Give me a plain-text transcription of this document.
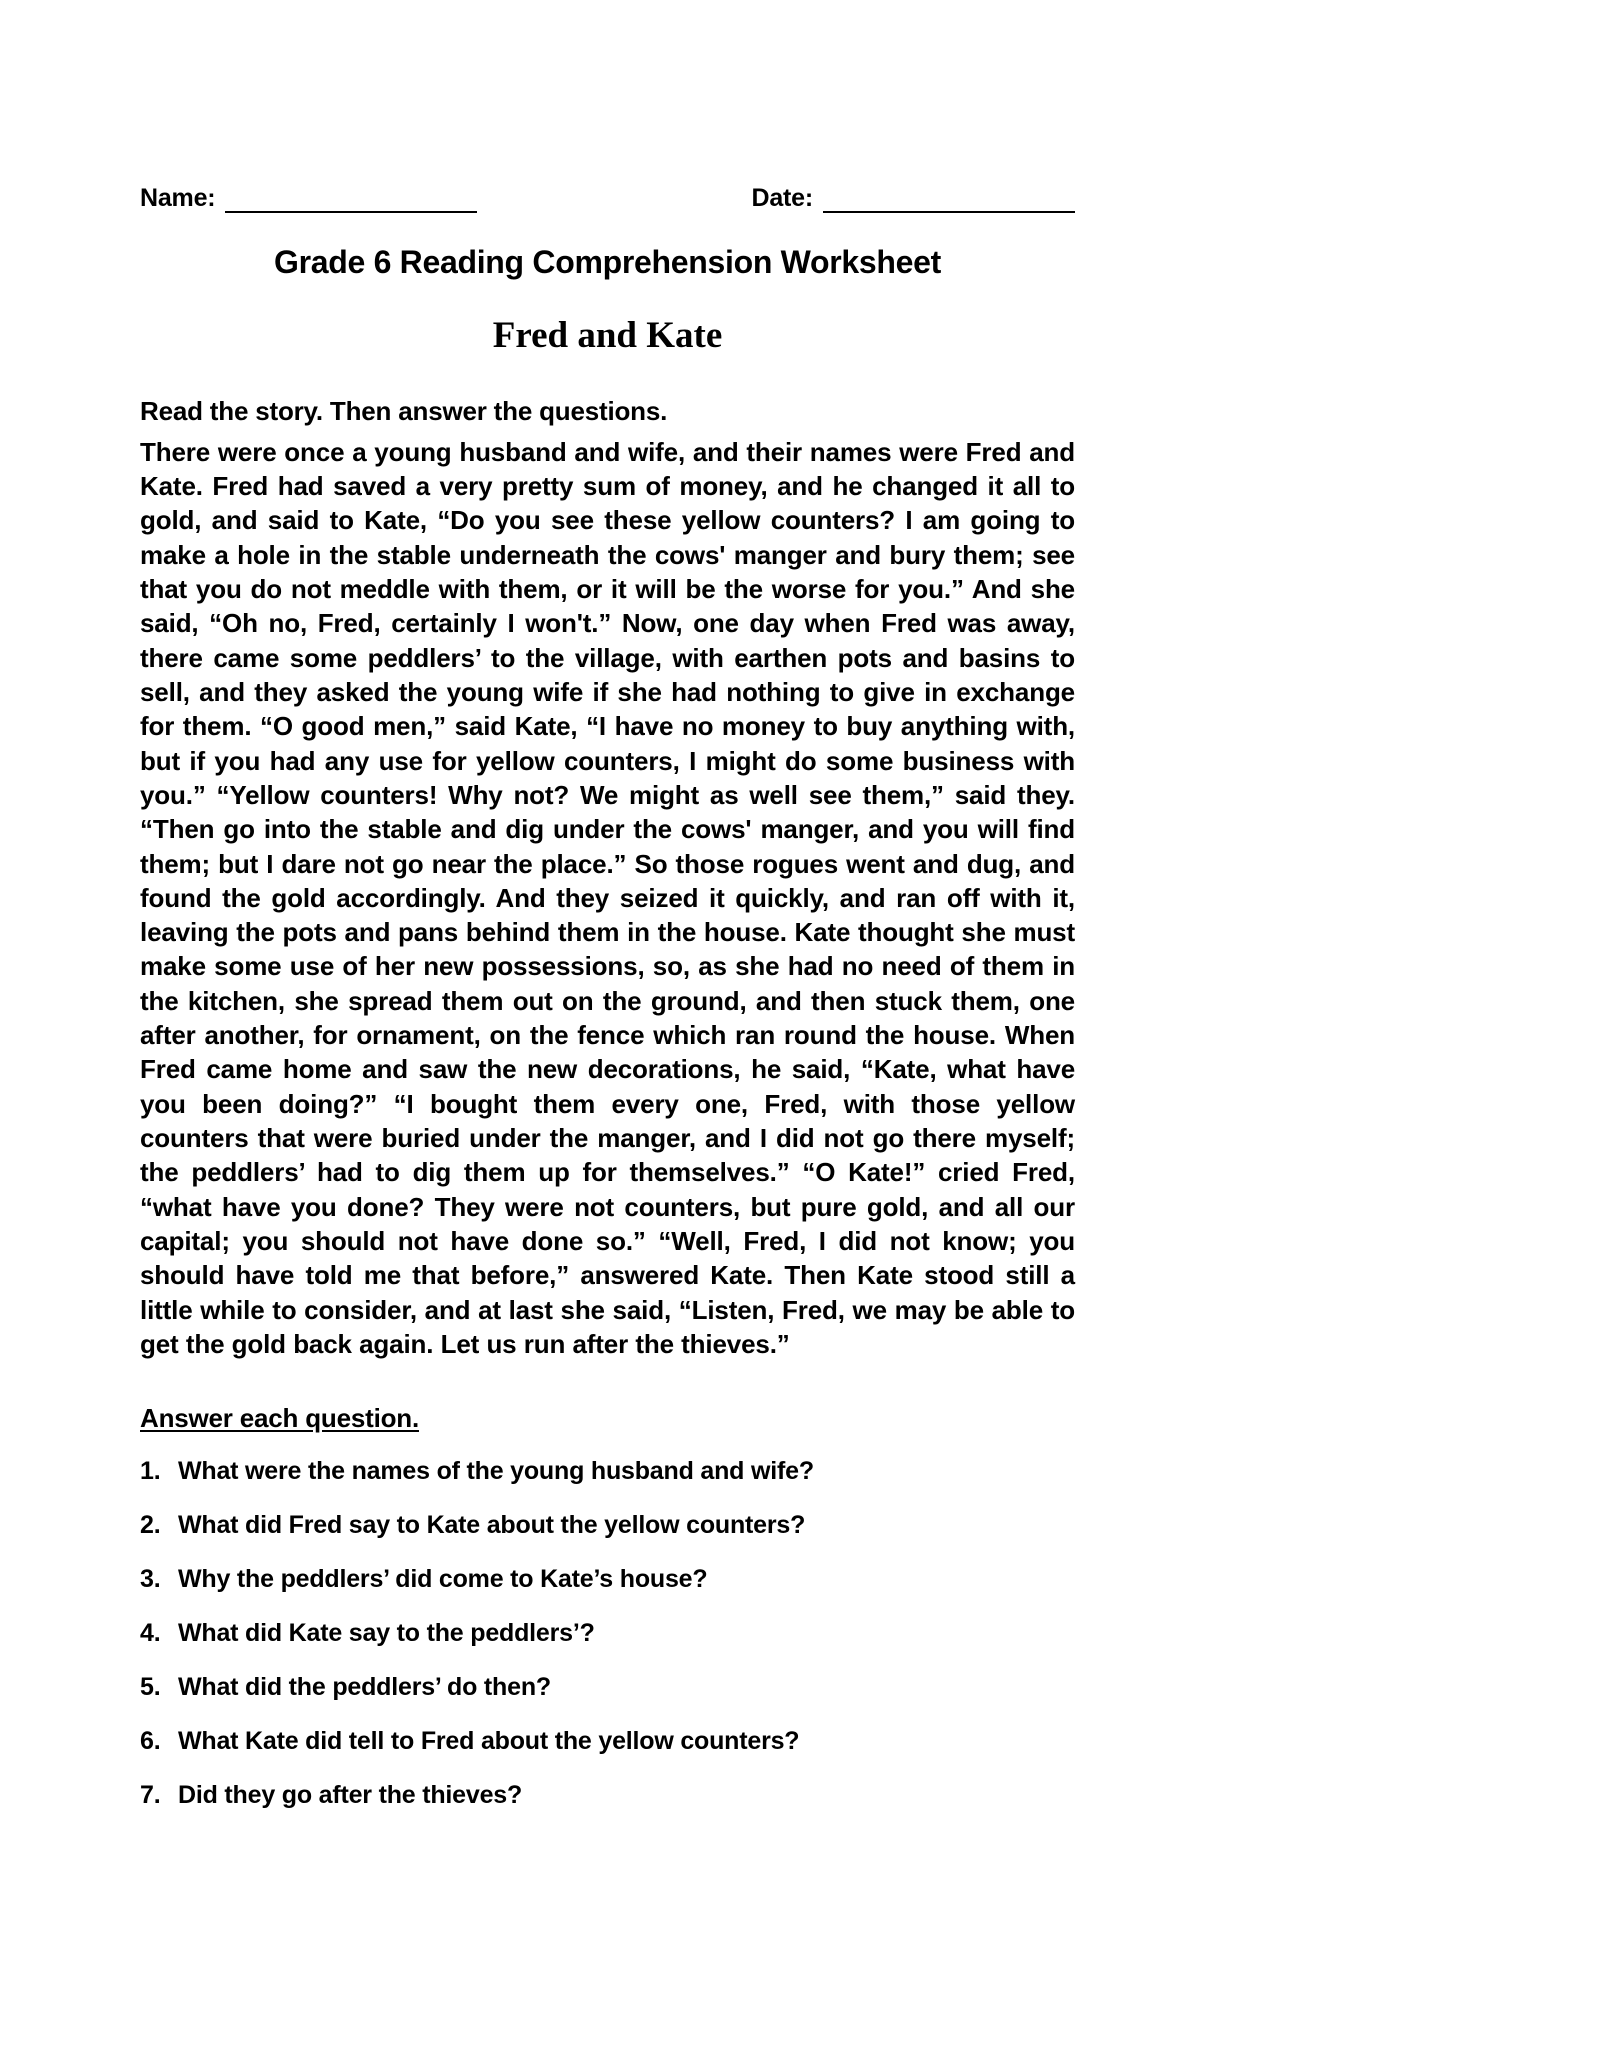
Name:	Date:
Grade 6 Reading Comprehension Worksheet
Fred and Kate
Read the story. Then answer the questions.
There were once a young husband and wife, and their names were Fred and Kate. Fred had saved a very pretty sum of money, and he changed it all to gold, and said to Kate, “Do you see these yellow counters? I am going to make a hole in the stable underneath the cows' manger and bury them; see that you do not meddle with them, or it will be the worse for you.” And she said, “Oh no, Fred, certainly I won't.” Now, one day when Fred was away, there came some peddlers’ to the village, with earthen pots and basins to sell, and they asked the young wife if she had nothing to give in exchange for them. “O good men,” said Kate, “I have no money to buy anything with, but if you had any use for yellow counters, I might do some business with you.” “Yellow counters! Why not? We might as well see them,” said they. “Then go into the stable and dig under the cows' manger, and you will find them; but I dare not go near the place.” So those rogues went and dug, and found the gold accordingly. And they seized it quickly, and ran off with it, leaving the pots and pans behind them in the house. Kate thought she must make some use of her new possessions, so, as she had no need of them in the kitchen, she spread them out on the ground, and then stuck them, one after another, for ornament, on the fence which ran round the house. When Fred came home and saw the new decorations, he said, “Kate, what have you been doing?” “I bought them every one, Fred, with those yellow counters that were buried under the manger, and I did not go there myself; the peddlers’ had to dig them up for themselves.” “O Kate!” cried Fred, “what have you done? They were not counters, but pure gold, and all our capital; you should not have done so.” “Well, Fred, I did not know; you should have told me that before,” answered Kate. Then Kate stood still a little while to consider, and at last she said, “Listen, Fred, we may be able to get the gold back again. Let us run after the thieves.”
Answer each question.
1. What were the names of the young husband and wife?
2. What did Fred say to Kate about the yellow counters?
3. Why the peddlers’ did come to Kate’s house?
4. What did Kate say to the peddlers’?
5. What did the peddlers’ do then?
6. What Kate did tell to Fred about the yellow counters?
7. Did they go after the thieves?
